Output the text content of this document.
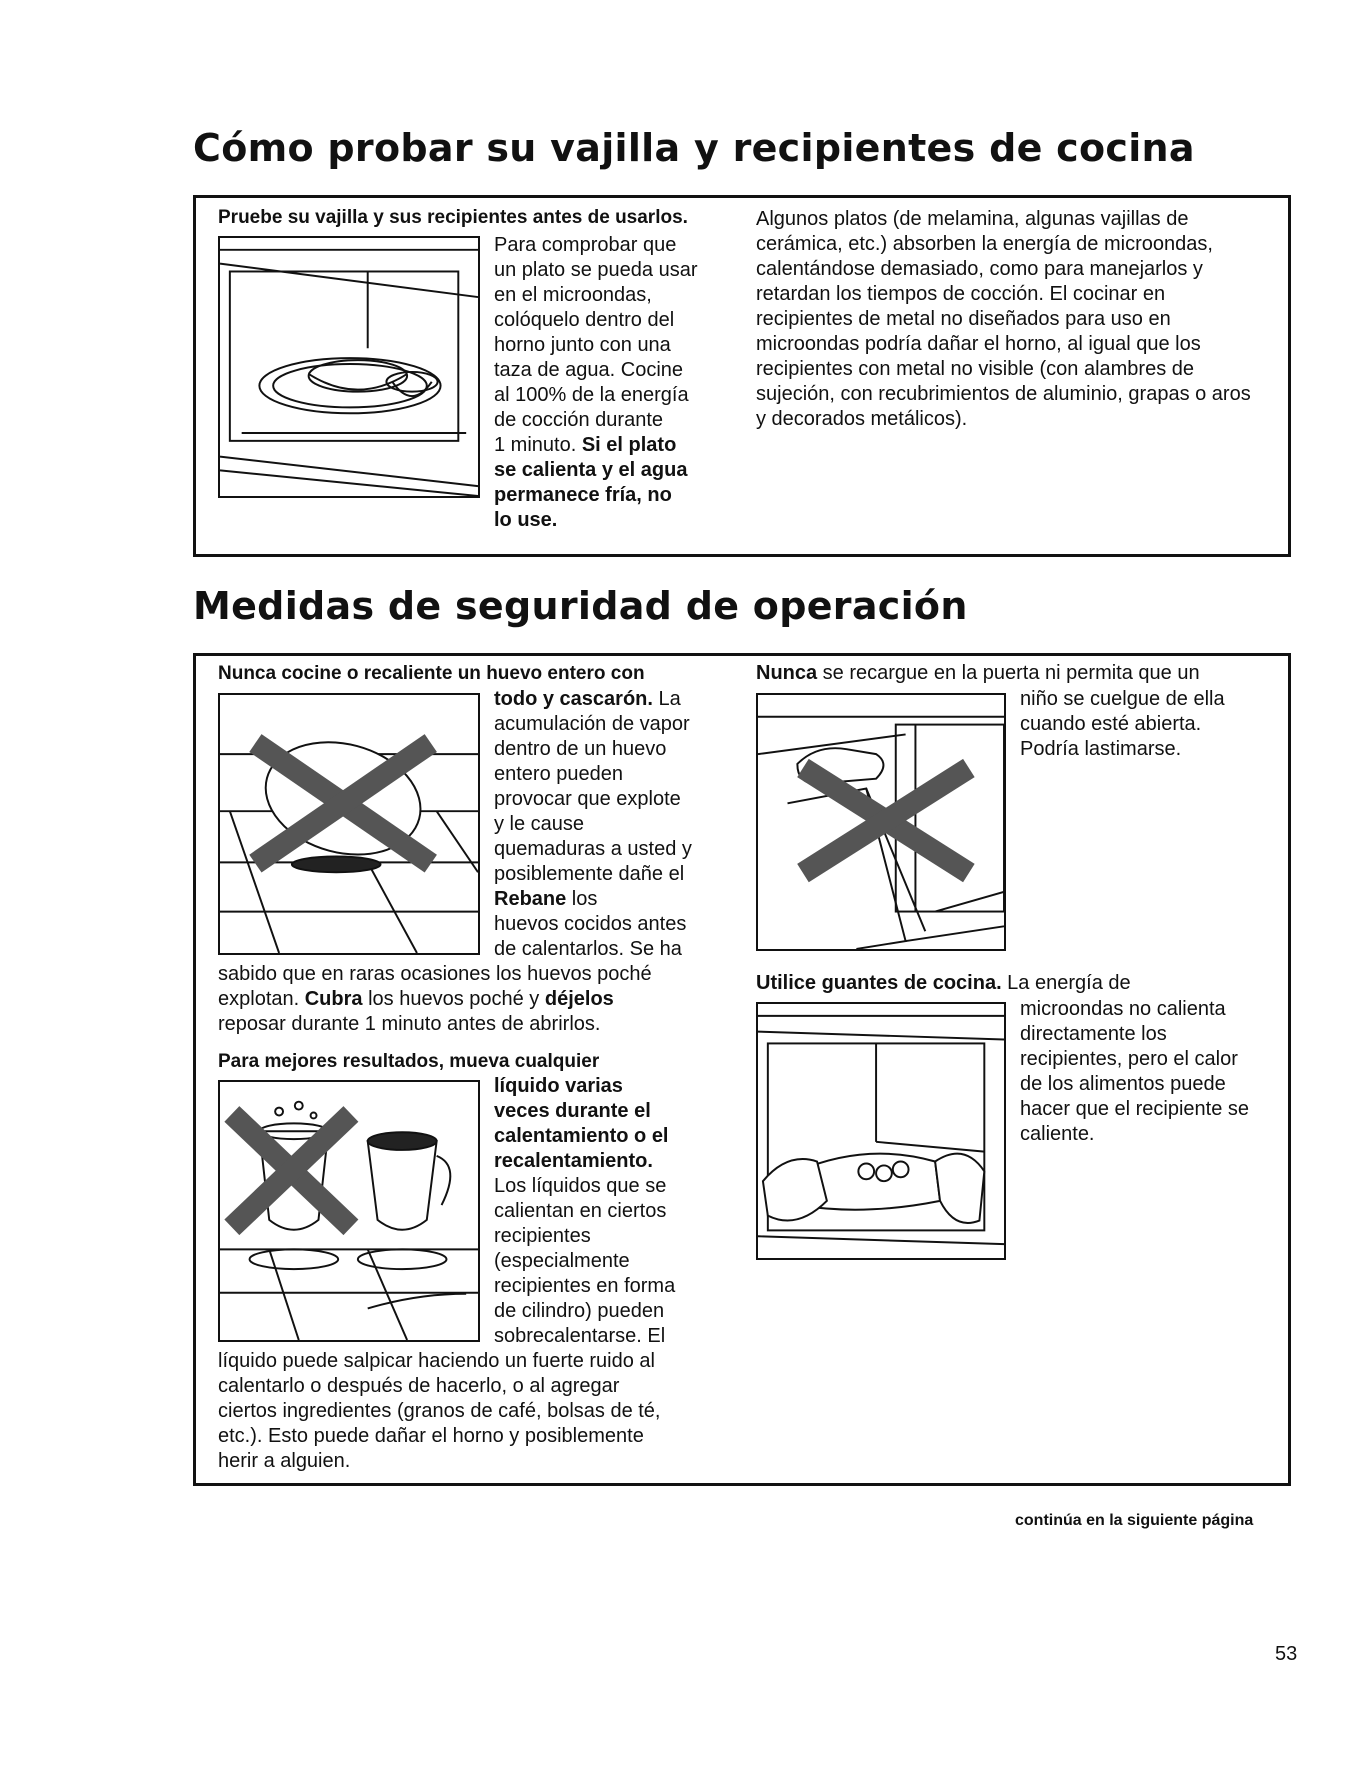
Cómo probar su vajilla y recipientes de cocina
Pruebe su vajilla y sus recipientes antes de usarlos.
Para comprobar que
un plato se pueda usar
en el microondas,
colóquelo dentro del
horno junto con una
taza de agua. Cocine
al 100% de la energía
de cocción durante
1 minuto. Si el plato
se calienta y el agua
permanece fría, no
lo use.
Algunos platos (de melamina, algunas vajillas de cerámica, etc.) absorben la energía de microondas, calentándose demasiado, como para manejarlos y retardan los tiempos de cocción. El cocinar en recipientes de metal no diseñados para uso en microondas podría dañar el horno, al igual que los recipientes con metal no visible (con alambres de sujeción, con recubrimientos de aluminio, grapas o aros y decorados metálicos).
Medidas de seguridad de operación
Nunca cocine o recaliente un huevo entero con
todo y cascarón. La
acumulación de vapor
dentro de un huevo
entero pueden
provocar que explote
y le cause
quemaduras a usted y
posiblemente dañe el
Rebane los
huevos cocidos antes
de calentarlos. Se ha
sabido que en raras ocasiones los huevos poché
explotan. Cubra los huevos poché y déjelos
reposar durante 1 minuto antes de abrirlos.
Para mejores resultados, mueva cualquier
líquido varias
veces durante el
calentamiento o el
recalentamiento.
Los líquidos que se
calientan en ciertos
recipientes
(especialmente
recipientes en forma
de cilindro) pueden
sobrecalentarse. El
líquido puede salpicar haciendo un fuerte ruido al
calentarlo o después de hacerlo, o al agregar
ciertos ingredientes (granos de café, bolsas de té,
etc.). Esto puede dañar el horno y posiblemente
herir a alguien.
Nunca se recargue en la puerta ni permita que un
niño se cuelgue de ella
cuando esté abierta.
Podría lastimarse.
Utilice guantes de cocina. La energía de
microondas no calienta
directamente los
recipientes, pero el calor
de los alimentos puede
hacer que el recipiente se
caliente.
continúa en la siguiente página
53
